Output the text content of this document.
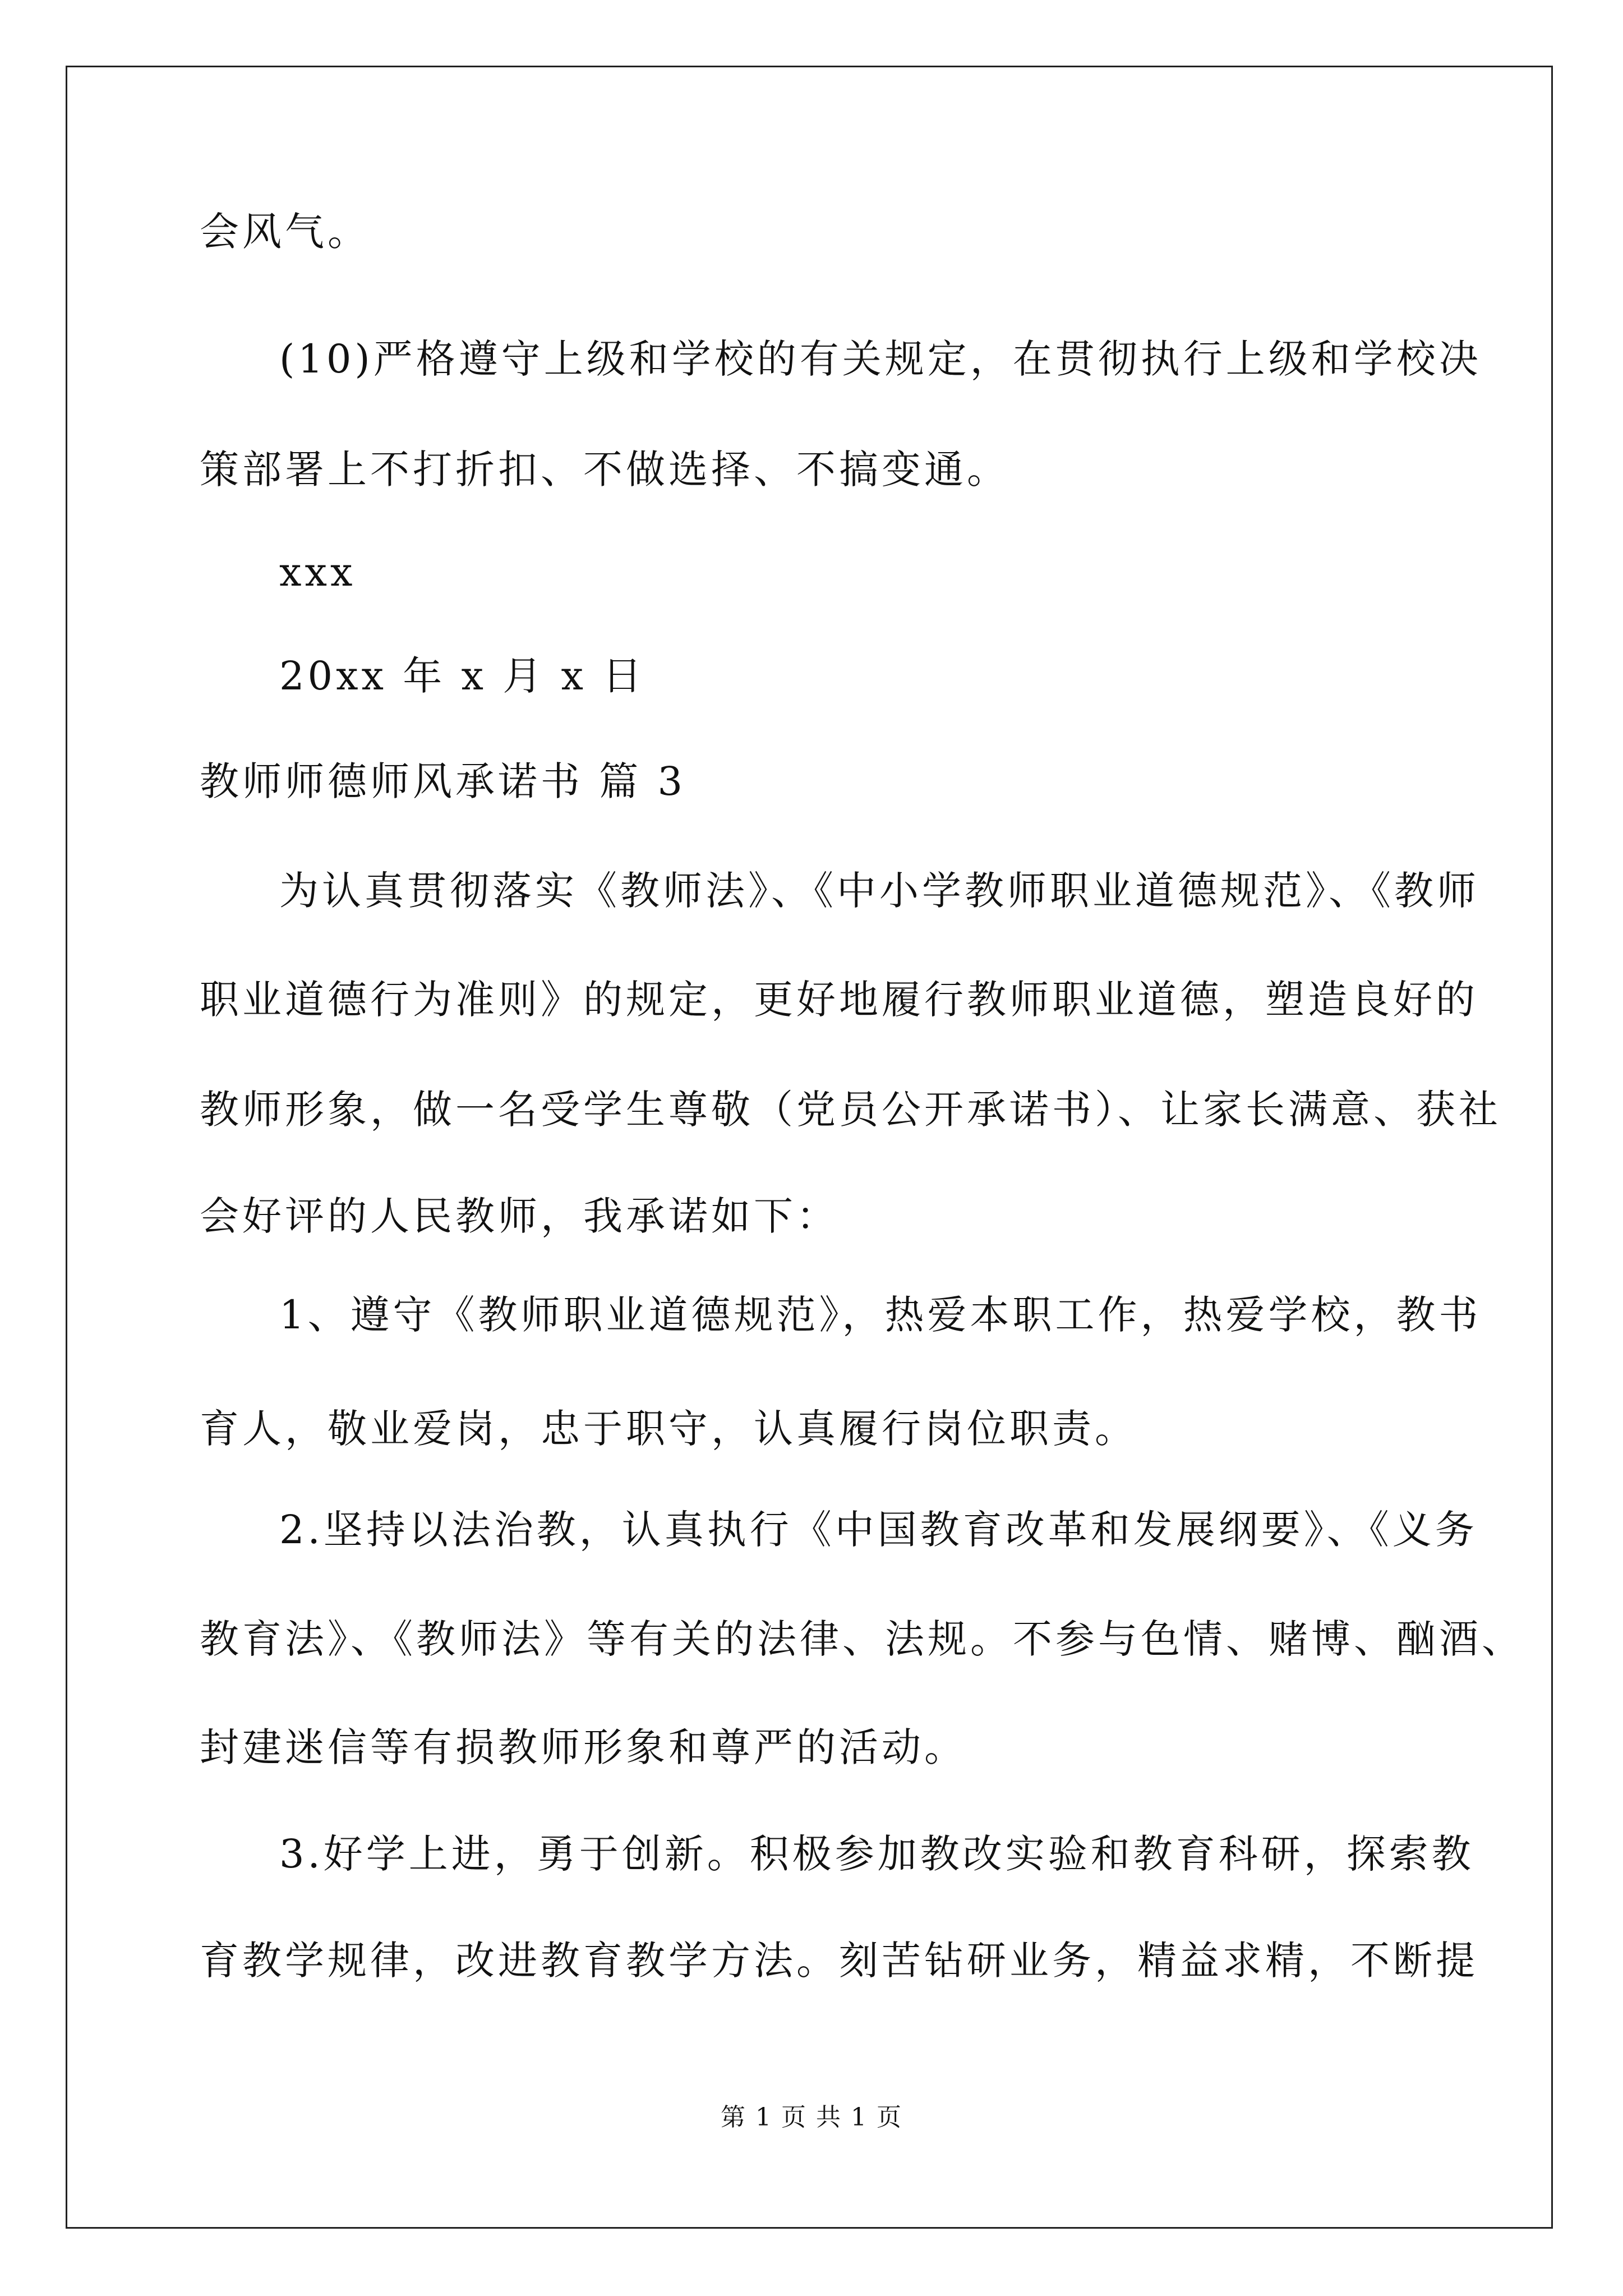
会风气。
(10)严格遵守上级和学校的有关规定，在贯彻执行上级和学校决
策部署上不打折扣、不做选择、不搞变通。
xxx
20xx 年 x 月 x 日
教师师德师风承诺书 篇 3
为认真贯彻落实《教师法》、《中小学教师职业道德规范》、《教师
职业道德行为准则》的规定，更好地履行教师职业道德，塑造良好的
教师形象，做一名受学生尊敬（党员公开承诺书）、让家长满意、获社
会好评的人民教师，我承诺如下：
1、遵守《教师职业道德规范》，热爱本职工作，热爱学校，教书
育人，敬业爱岗，忠于职守，认真履行岗位职责。
2.坚持以法治教，认真执行《中国教育改革和发展纲要》、《义务
教育法》、《教师法》等有关的法律、法规。不参与色情、赌博、酗酒、
封建迷信等有损教师形象和尊严的活动。
3.好学上进，勇于创新。积极参加教改实验和教育科研，探索教
育教学规律，改进教育教学方法。刻苦钻研业务，精益求精，不断提
第 1 页 共 1 页
